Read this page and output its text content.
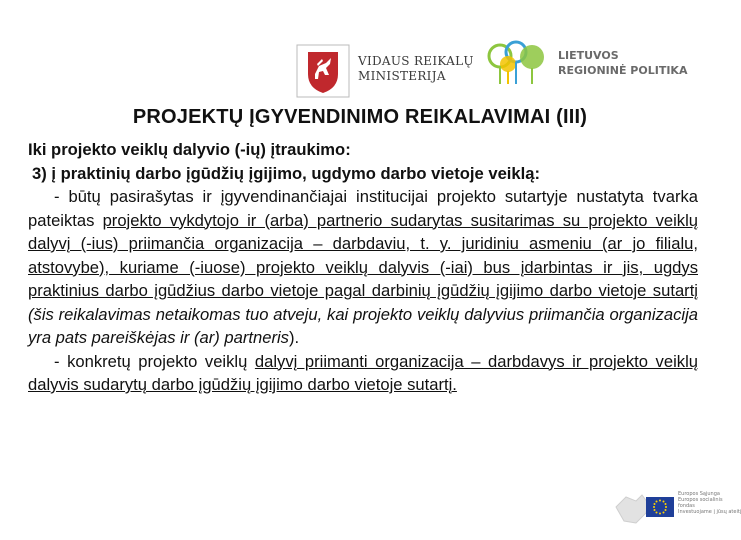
VIDAUS REIKALŲ
MINISTERIJA
LIETUVOS
REGIONINĖ POLITIKA
PROJEKTŲ ĮGYVENDINIMO REIKALAVIMAI (III)

Iki projekto veiklų dalyvio (-ių) įtraukimo:

3) į praktinių darbo įgūdžių įgijimo, ugdymo darbo vietoje veiklą:

- būtų pasirašytas ir įgyvendinančiajai institucijai projekto sutartyje nustatyta tvarka pateiktas projekto vykdytojo ir (arba) partnerio sudarytas susitarimas su projekto veiklų dalyvį (-ius) priimančia organizacija – darbdaviu, t. y. juridiniu asmeniu (ar jo filialu, atstovybe), kuriame (-iuose) projekto veiklų dalyvis (-iai) bus įdarbintas ir jis, ugdys praktinius darbo įgūdžius darbo vietoje pagal darbinių įgūdžių įgijimo darbo vietoje sutartį (šis reikalavimas netaikomas tuo atveju, kai projekto veiklų dalyvius priimančia organizacija yra pats pareiškėjas ir (ar) partneris).

- konkretų projekto veiklų dalyvį priimanti organizacija – darbdavys ir projekto veiklų dalyvis sudarytų darbo įgūdžių įgijimo darbo vietoje sutartį.

Europos Sąjunga
Europos socialinis
fondas
Investuojame į jūsų ateitį
